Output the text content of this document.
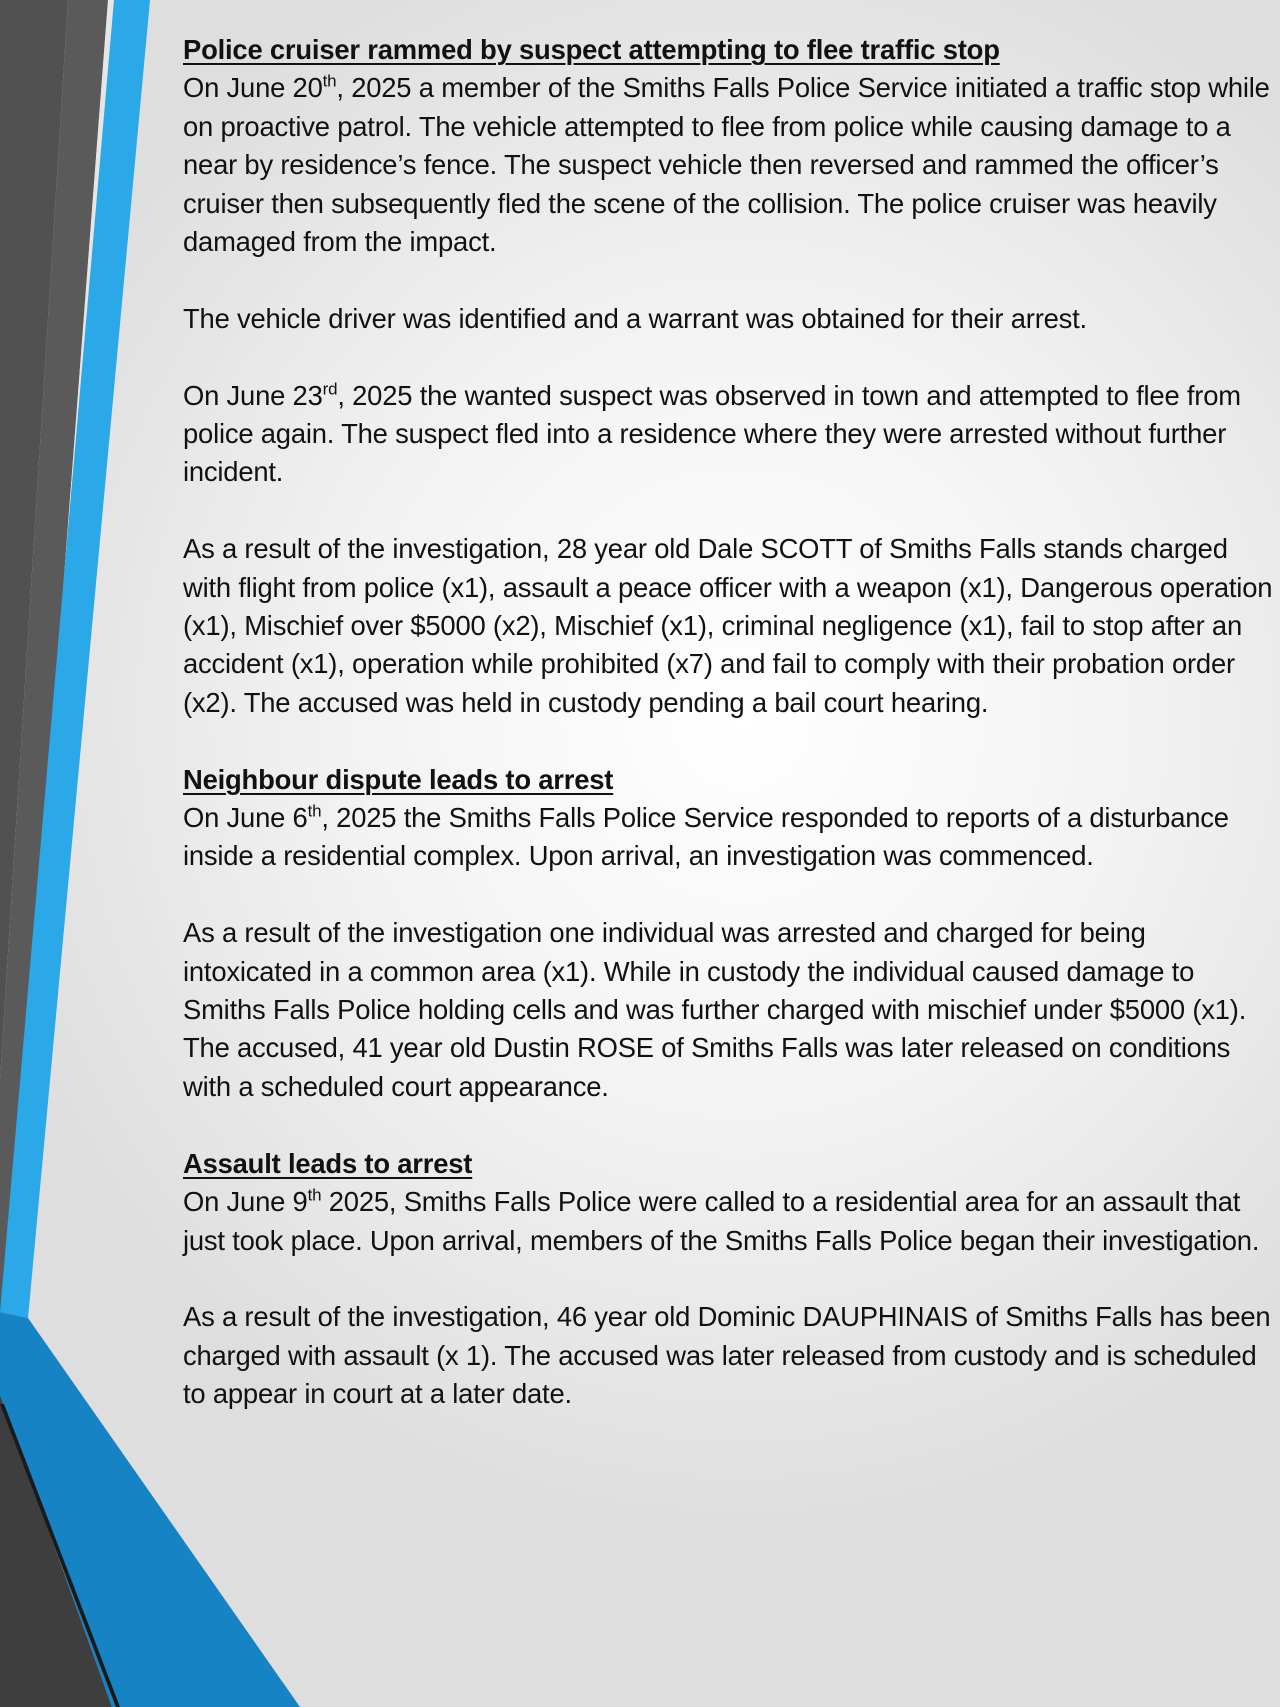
Police cruiser rammed by suspect attempting to flee traffic stop

On June 20th, 2025 a member of the Smiths Falls Police Service initiated a traffic stop while on proactive patrol. The vehicle attempted to flee from police while causing damage to a near by residence’s fence. The suspect vehicle then reversed and rammed the officer’s cruiser then subsequently fled the scene of the collision. The police cruiser was heavily damaged from the impact.

The vehicle driver was identified and a warrant was obtained for their arrest.

On June 23rd, 2025 the wanted suspect was observed in town and attempted to flee from police again. The suspect fled into a residence where they were arrested without further incident.

As a result of the investigation, 28 year old Dale SCOTT of Smiths Falls stands charged with flight from police (x1), assault a peace officer with a weapon (x1), Dangerous operation (x1), Mischief over $5000 (x2), Mischief (x1), criminal negligence (x1), fail to stop after an accident (x1), operation while prohibited (x7) and fail to comply with their probation order (x2). The accused was held in custody pending a bail court hearing.

Neighbour dispute leads to arrest

On June 6th, 2025 the Smiths Falls Police Service responded to reports of a disturbance inside a residential complex. Upon arrival, an investigation was commenced.

As a result of the investigation one individual was arrested and charged for being intoxicated in a common area (x1). While in custody the individual caused damage to Smiths Falls Police holding cells and was further charged with mischief under $5000 (x1). The accused, 41 year old Dustin ROSE of Smiths Falls was later released on conditions with a scheduled court appearance.

Assault leads to arrest

On June 9th 2025, Smiths Falls Police were called to a residential area for an assault that just took place. Upon arrival, members of the Smiths Falls Police began their investigation.

As a result of the investigation, 46 year old Dominic DAUPHINAIS of Smiths Falls has been charged with assault (x 1). The accused was later released from custody and is scheduled to appear in court at a later date.
